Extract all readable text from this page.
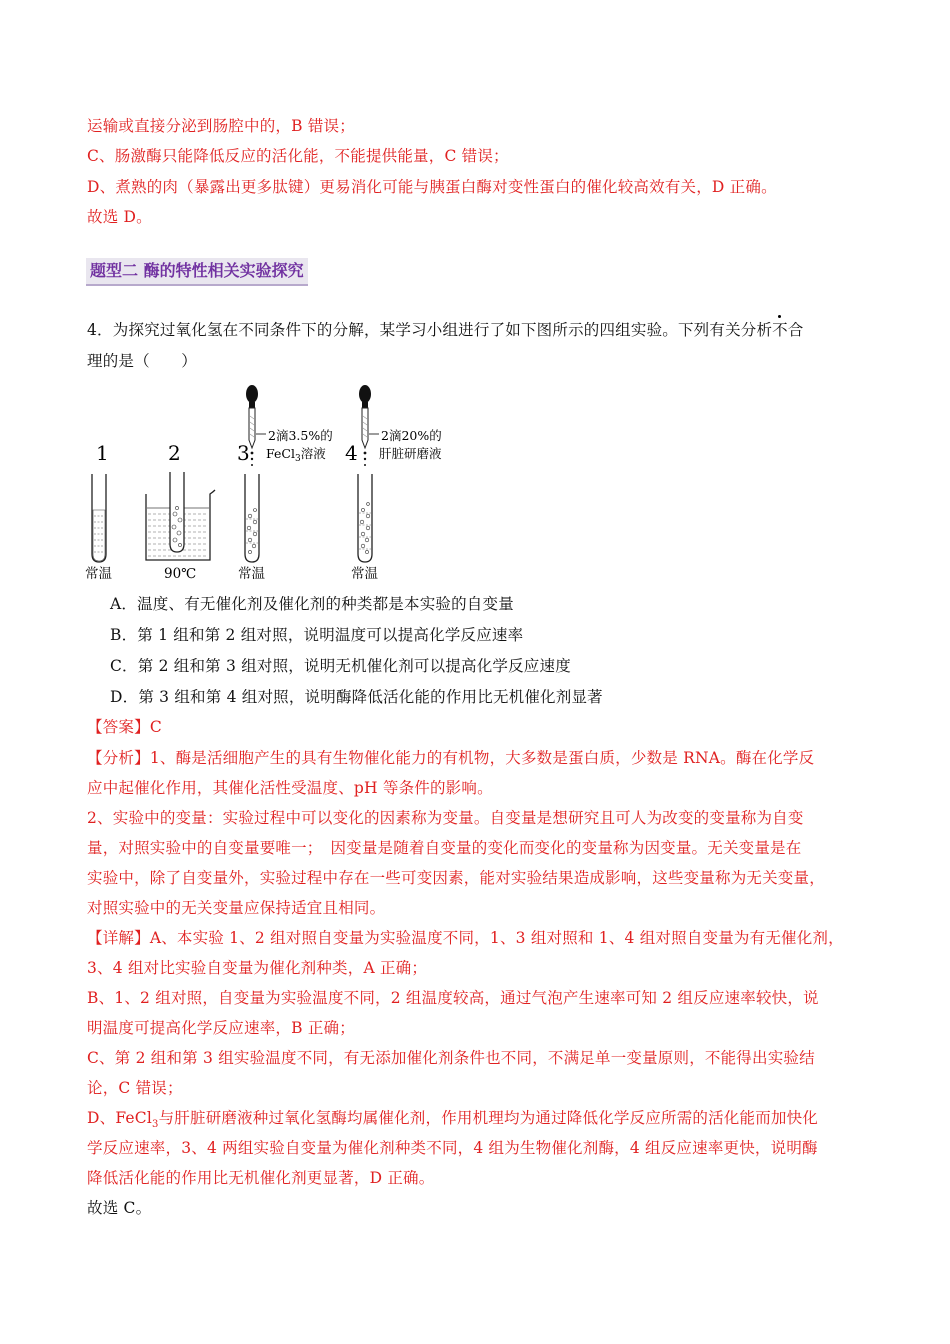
运输或直接分泌到肠腔中的，B 错误；
C、肠激酶只能降低反应的活化能，不能提供能量，C 错误；
D、煮熟的肉（暴露出更多肽键）更易消化可能与胰蛋白酶对变性蛋白的催化较高效有关，D 正确。
故选 D。
题型二 酶的特性相关实验探究
4．为探究过氧化氢在不同条件下的分解，某学习小组进行了如下图所示的四组实验。下列有关分析不合
理的是（　　）
1	2	3	4
2滴3.5%的
FeCl$_3$溶液
2滴20%的
肝脏研磨液
常温	90℃	常温	常温
A．温度、有无催化剂及催化剂的种类都是本实验的自变量
B．第 1 组和第 2 组对照，说明温度可以提高化学反应速率
C．第 2 组和第 3 组对照，说明无机催化剂可以提高化学反应速度
D．第 3 组和第 4 组对照，说明酶降低活化能的作用比无机催化剂显著
【答案】C
【分析】1、酶是活细胞产生的具有生物催化能力的有机物，大多数是蛋白质，少数是 RNA。酶在化学反
应中起催化作用，其催化活性受温度、pH 等条件的影响。
2、实验中的变量：实验过程中可以变化的因素称为变量。自变量是想研究且可人为改变的变量称为自变
量，对照实验中的自变量要唯一；　因变量是随着自变量的变化而变化的变量称为因变量。无关变量是在
实验中，除了自变量外，实验过程中存在一些可变因素，能对实验结果造成影响，这些变量称为无关变量，
对照实验中的无关变量应保持适宜且相同。
【详解】A、本实验 1、2 组对照自变量为实验温度不同，1、3 组对照和 1、4 组对照自变量为有无催化剂，
3、4 组对比实验自变量为催化剂种类，A 正确；
B、1、2 组对照，自变量为实验温度不同，2 组温度较高，通过气泡产生速率可知 2 组反应速率较快，说
明温度可提高化学反应速率，B 正确；
C、第 2 组和第 3 组实验温度不同，有无添加催化剂条件也不同，不满足单一变量原则，不能得出实验结
论，C 错误；
D、FeCl$_3$与肝脏研磨液种过氧化氢酶均属催化剂，作用机理均为通过降低化学反应所需的活化能而加快化
学反应速率，3、4 两组实验自变量为催化剂种类不同，4 组为生物催化剂酶，4 组反应速率更快，说明酶
降低活化能的作用比无机催化剂更显著，D 正确。
故选 C。
